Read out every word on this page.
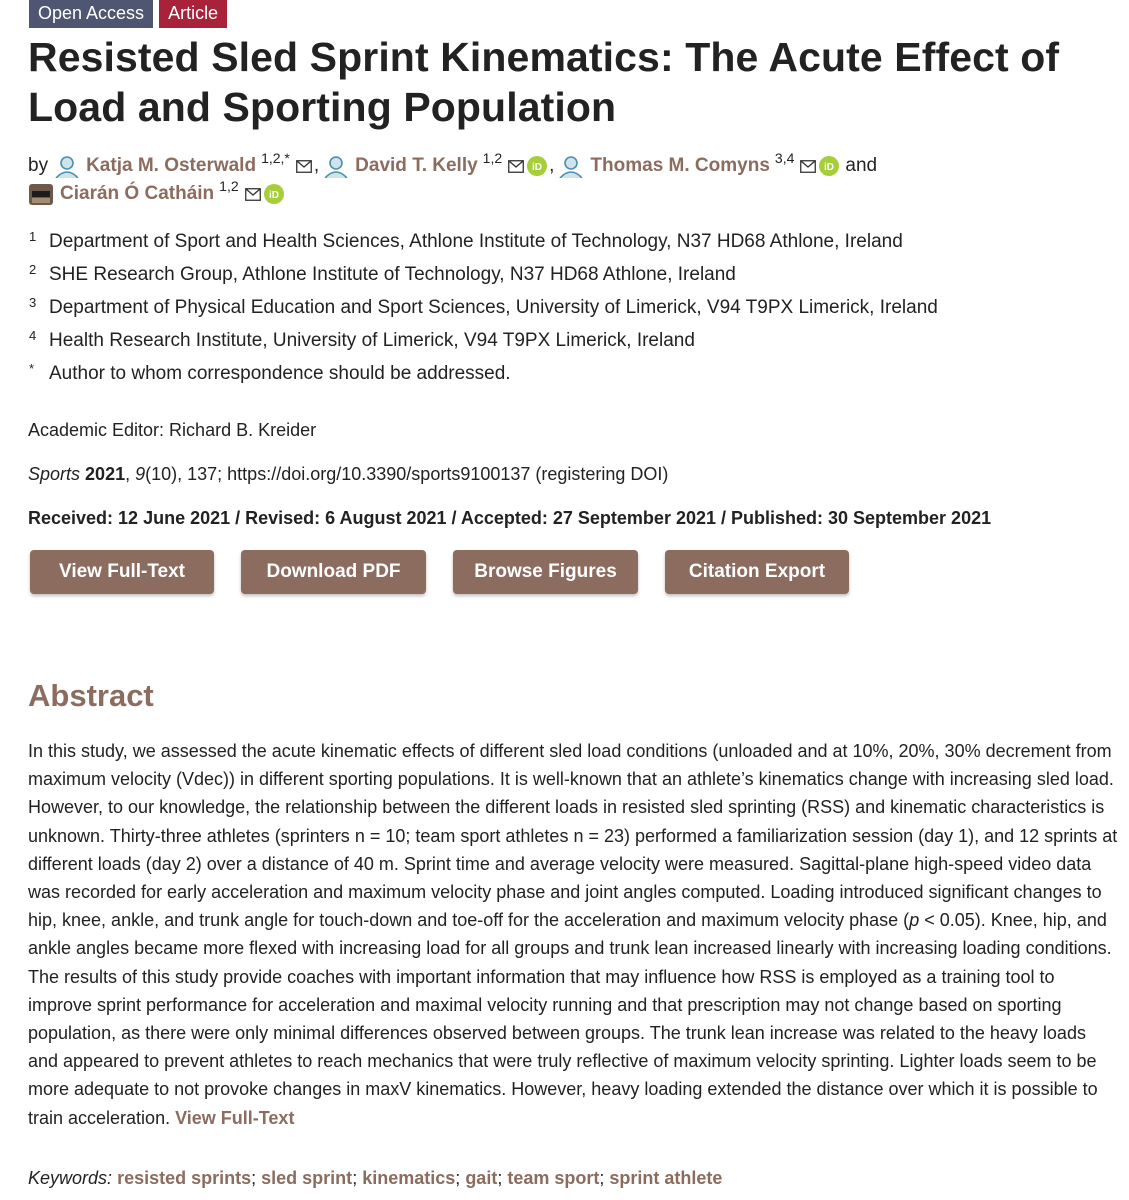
Open Access	Article
Resisted Sled Sprint Kinematics: The Acute Effect of
Load and Sporting Population
by Katja M. Osterwald 1,2,* , David T. Kelly 1,2
iD , Thomas M. Comyns 3,4
iD and
Ciarán Ó Catháin 1,2
iD
1 Department of Sport and Health Sciences, Athlone Institute of Technology, N37 HD68 Athlone, Ireland
2 SHE Research Group, Athlone Institute of Technology, N37 HD68 Athlone, Ireland
3 Department of Physical Education and Sport Sciences, University of Limerick, V94 T9PX Limerick, Ireland
4 Health Research Institute, University of Limerick, V94 T9PX Limerick, Ireland
* Author to whom correspondence should be addressed.
Academic Editor: Richard B. Kreider
Sports 2021, 9(10), 137; https://doi.org/10.3390/sports9100137 (registering DOI)
Received: 12 June 2021 / Revised: 6 August 2021 / Accepted: 27 September 2021 / Published: 30 September 2021
View Full-Text	Download PDF	Browse Figures	Citation Export
Abstract
In this study, we assessed the acute kinematic effects of different sled load conditions (unloaded and at 10%, 20%, 30% decrement from maximum velocity (Vdec)) in different sporting populations. It is well-known that an athlete’s kinematics change with increasing sled load. However, to our knowledge, the relationship between the different loads in resisted sled sprinting (RSS) and kinematic characteristics is unknown. Thirty-three athletes (sprinters n = 10; team sport athletes n = 23) performed a familiarization session (day 1), and 12 sprints at different loads (day 2) over a distance of 40 m. Sprint time and average velocity were measured. Sagittal-plane high-speed video data was recorded for early acceleration and maximum velocity phase and joint angles computed. Loading introduced significant changes to hip, knee, ankle, and trunk angle for touch-down and toe-off for the acceleration and maximum velocity phase (p < 0.05). Knee, hip, and ankle angles became more flexed with increasing load for all groups and trunk lean increased linearly with increasing loading conditions. The results of this study provide coaches with important information that may influence how RSS is employed as a training tool to improve sprint performance for acceleration and maximal velocity running and that prescription may not change based on sporting population, as there were only minimal differences observed between groups. The trunk lean increase was related to the heavy loads and appeared to prevent athletes to reach mechanics that were truly reflective of maximum velocity sprinting. Lighter loads seem to be more adequate to not provoke changes in maxV kinematics. However, heavy loading extended the distance over which it is possible to train acceleration. View Full-Text
Keywords: resisted sprints; sled sprint; kinematics; gait; team sport; sprint athlete
